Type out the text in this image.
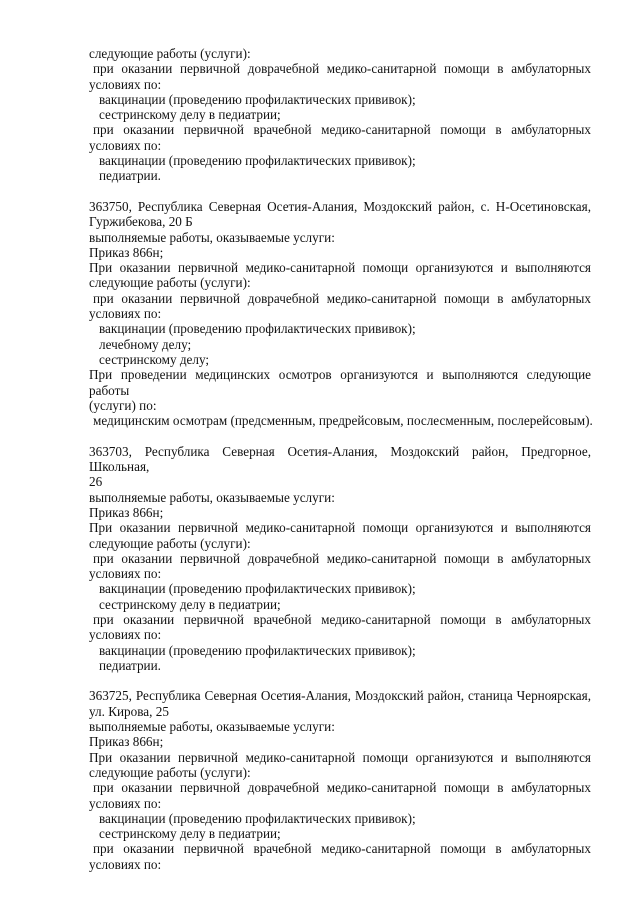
следующие работы (услуги):
при оказании первичной доврачебной медико-санитарной помощи в амбулаторных
условиях по:
вакцинации (проведению профилактических прививок);
сестринскому делу в педиатрии;
при оказании первичной врачебной медико-санитарной помощи в амбулаторных
условиях по:
вакцинации (проведению профилактических прививок);
педиатрии.
363750, Республика Северная Осетия-Алания, Моздокский район, с. Н-Осетиновская,
Гуржибекова, 20 Б
выполняемые работы, оказываемые услуги:
Приказ 866н;
При оказании первичной медико-санитарной помощи организуются и выполняются
следующие работы (услуги):
при оказании первичной доврачебной медико-санитарной помощи в амбулаторных
условиях по:
вакцинации (проведению профилактических прививок);
лечебному делу;
сестринскому делу;
При проведении медицинских осмотров организуются и выполняются следующие работы
(услуги) по:
медицинским осмотрам (предсменным, предрейсовым, послесменным, послерейсовым).
363703, Республика Северная Осетия-Алания, Моздокский район, Предгорное, Школьная,
26
выполняемые работы, оказываемые услуги:
Приказ 866н;
При оказании первичной медико-санитарной помощи организуются и выполняются
следующие работы (услуги):
при оказании первичной доврачебной медико-санитарной помощи в амбулаторных
условиях по:
вакцинации (проведению профилактических прививок);
сестринскому делу в педиатрии;
при оказании первичной врачебной медико-санитарной помощи в амбулаторных
условиях по:
вакцинации (проведению профилактических прививок);
педиатрии.
363725, Республика Северная Осетия-Алания, Моздокский район, станица Черноярская,
ул. Кирова, 25
выполняемые работы, оказываемые услуги:
Приказ 866н;
При оказании первичной медико-санитарной помощи организуются и выполняются
следующие работы (услуги):
при оказании первичной доврачебной медико-санитарной помощи в амбулаторных
условиях по:
вакцинации (проведению профилактических прививок);
сестринскому делу в педиатрии;
при оказании первичной врачебной медико-санитарной помощи в амбулаторных
условиях по:
